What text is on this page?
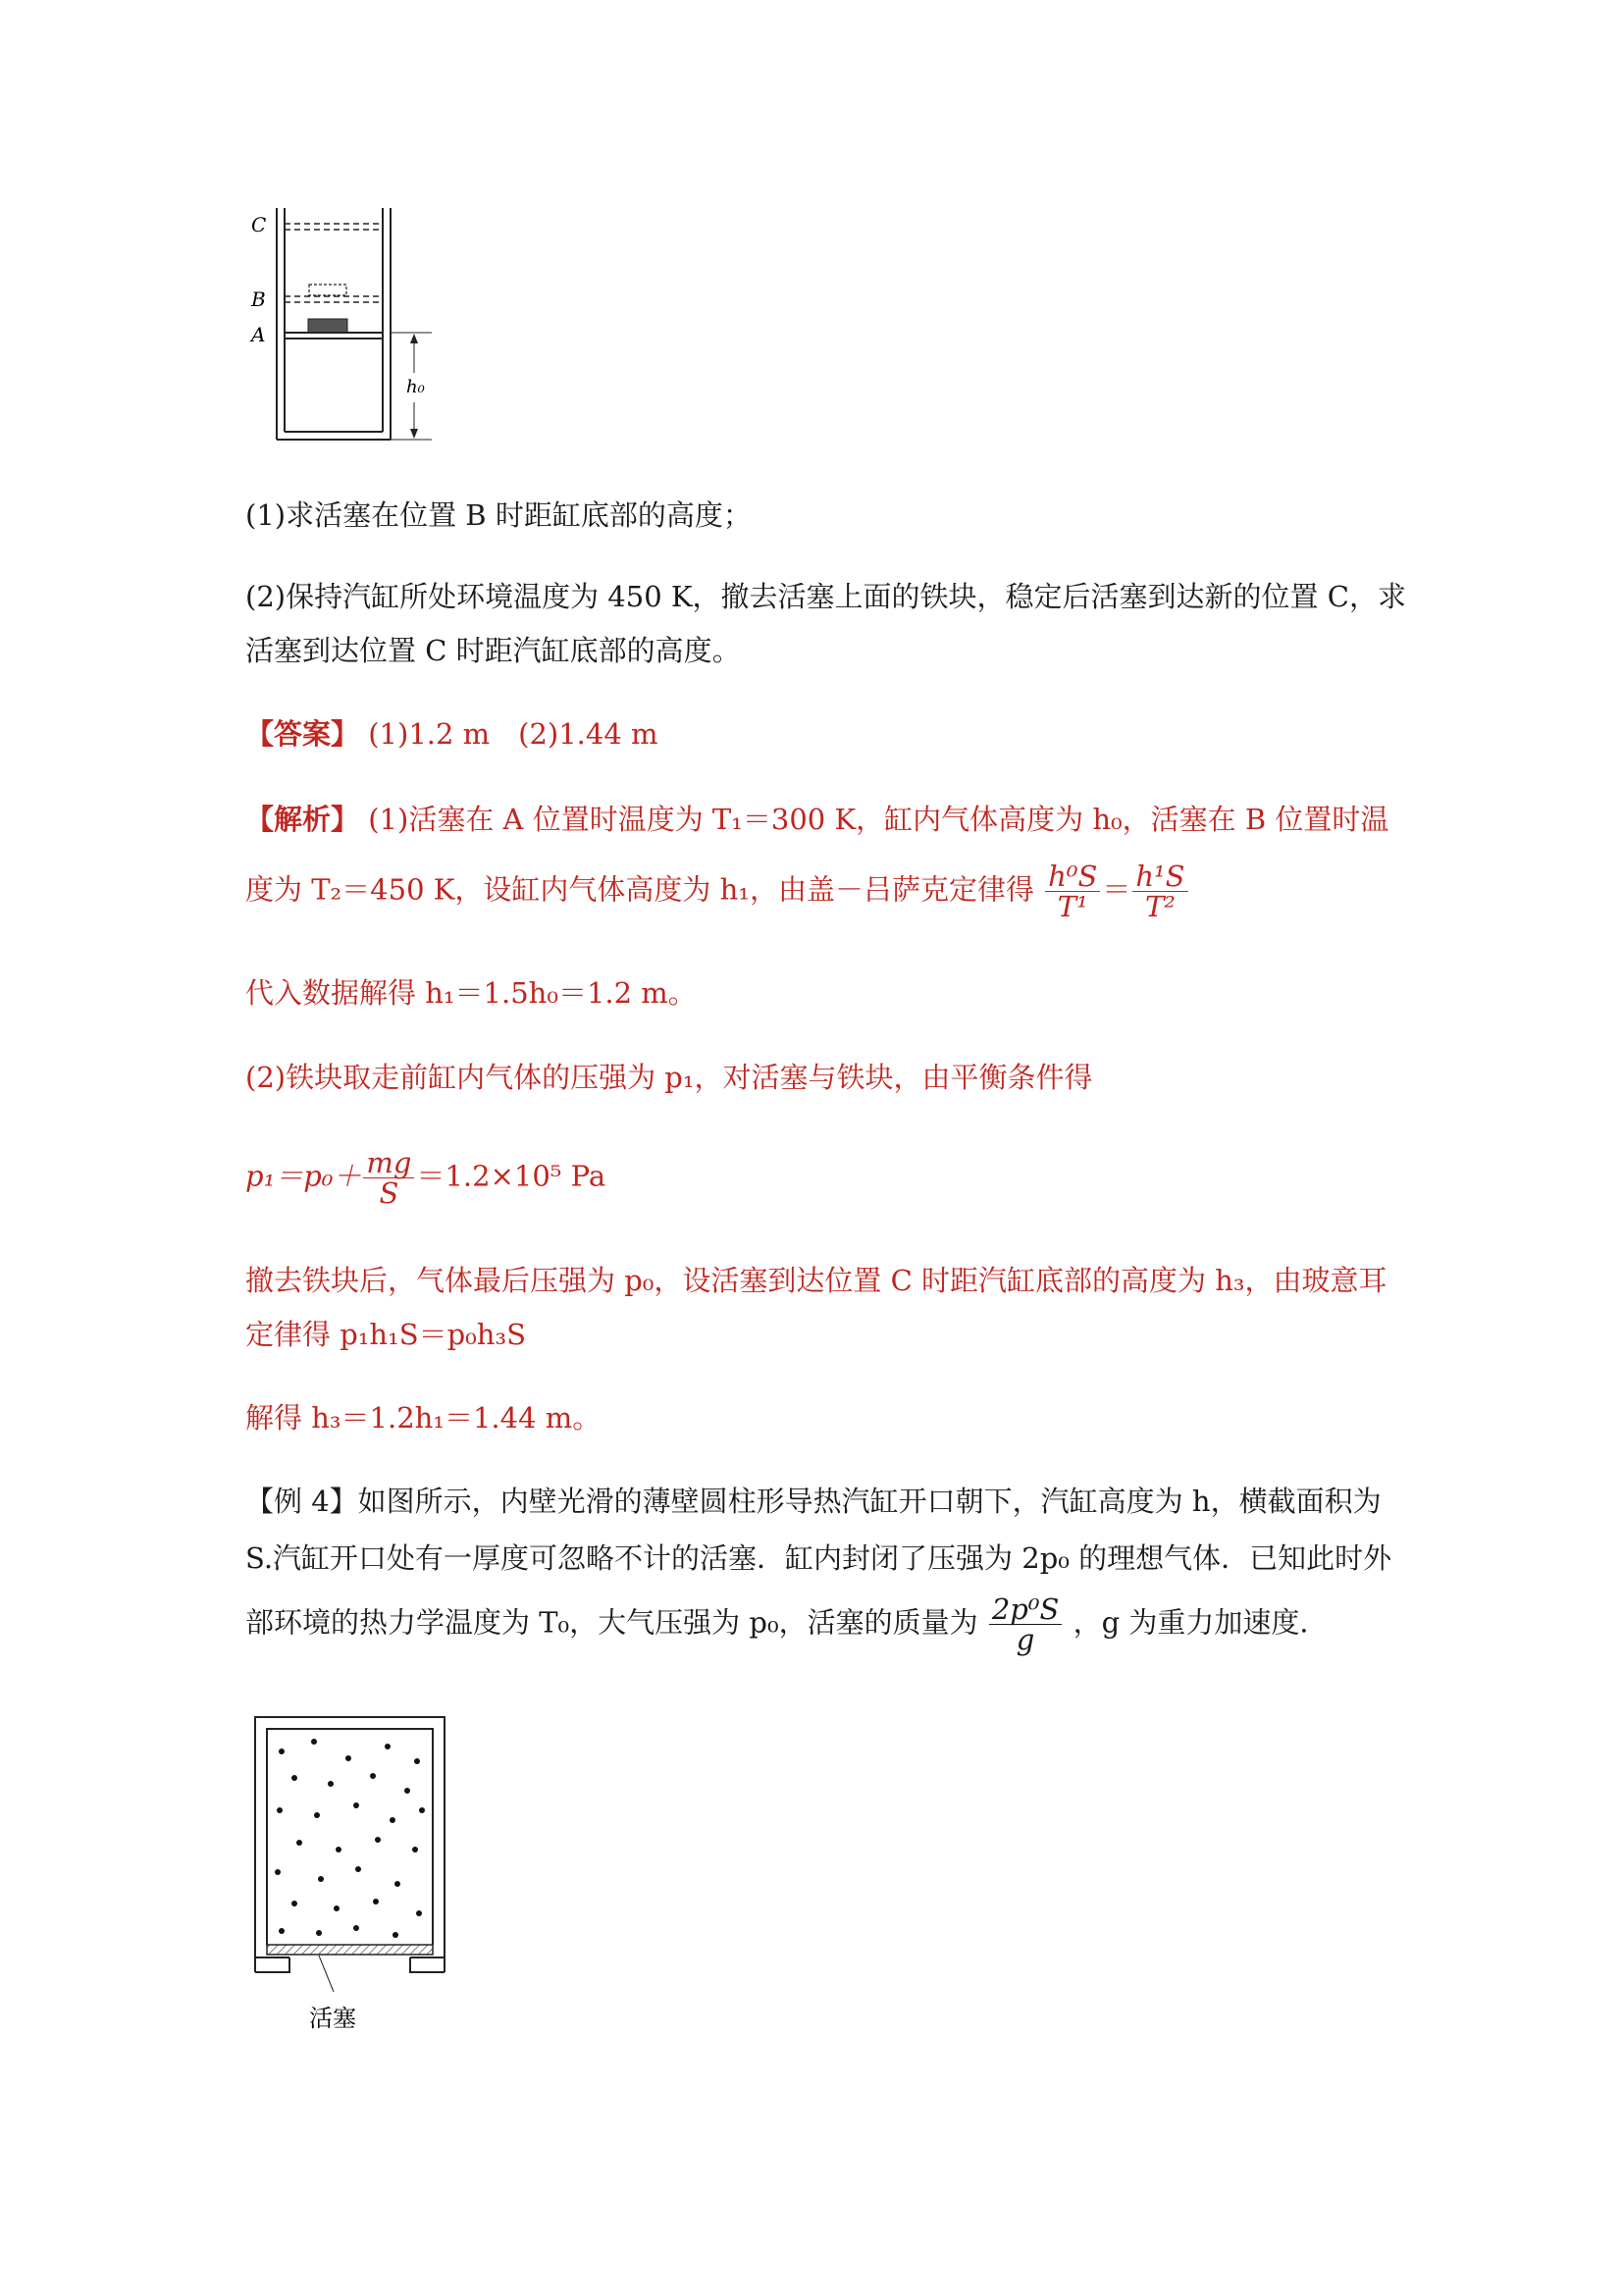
h₀
C
B
A
(1)求活塞在位置 B 时距缸底部的高度；
(2)保持汽缸所处环境温度为 450 K，撤去活塞上面的铁块，稳定后活塞到达新的位置 C，求
活塞到达位置 C 时距汽缸底部的高度。
【答案】 (1)1.2 m　(2)1.44 m
【解析】 (1)活塞在 A 位置时温度为 T₁＝300 K，缸内气体高度为 h₀，活塞在 B 位置时温
度为 T₂＝450 K，设缸内气体高度为 h₁，由盖－吕萨克定律得 $\frac{\text{h⁰S}}{\text{T¹}} = \frac{\text{h¹S}}{\text{T²}}$
代入数据解得 h₁＝1.5h₀＝1.2 m。
(2)铁块取走前缸内气体的压强为 p₁，对活塞与铁块，由平衡条件得
$p_1=p_0+ \frac{mg}{S} =1.2\times 10^5$ Pa
撤去铁块后，气体最后压强为 p₀，设活塞到达位置 C 时距汽缸底部的高度为 h₃，由玻意耳
定律得 p₁h₁S＝p₀h₃S
解得 h₃＝1.2h₁＝1.44 m。
【例 4】如图所示，内壁光滑的薄壁圆柱形导热汽缸开口朝下，汽缸高度为 h，横截面积为
S.汽缸开口处有一厚度可忽略不计的活塞．缸内封闭了压强为 2p₀ 的理想气体．已知此时外
部环境的热力学温度为 T₀，大气压强为 p₀，活塞的质量为 $\frac{\text{2p⁰S}}{g}$ ，g 为重力加速度．
活塞
